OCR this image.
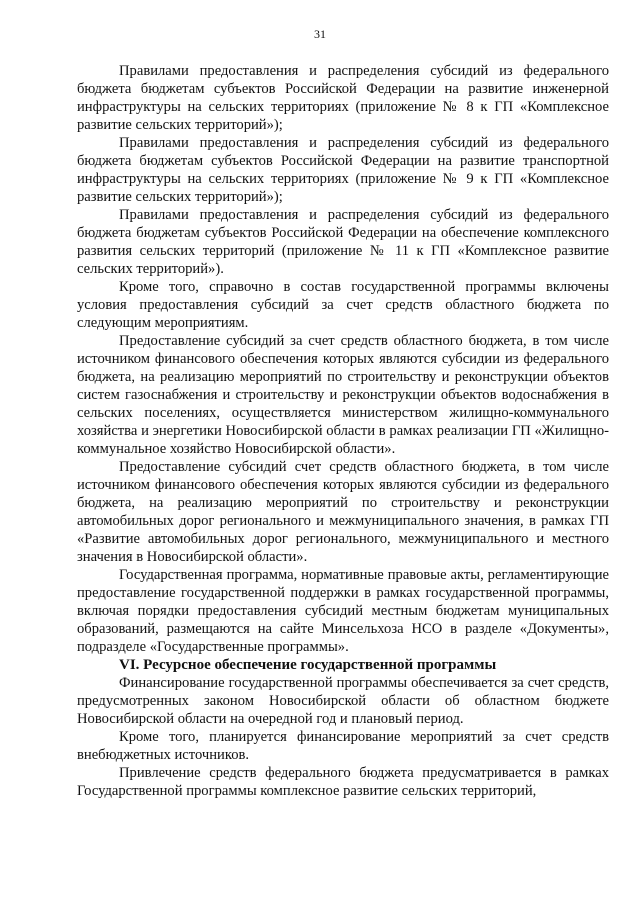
31

Правилами предоставления и распределения субсидий из федерального бюджета бюджетам субъектов Российской Федерации на развитие инженерной инфраструктуры на сельских территориях (приложение № 8 к ГП «Комплексное развитие сельских территорий»);

Правилами предоставления и распределения субсидий из федерального бюджета бюджетам субъектов Российской Федерации на развитие транспортной инфраструктуры на сельских территориях (приложение № 9 к ГП «Комплексное развитие сельских территорий»);

Правилами предоставления и распределения субсидий из федерального бюджета бюджетам субъектов Российской Федерации на обеспечение комплексного развития сельских территорий (приложение № 11 к ГП «Комплексное развитие сельских территорий»).

Кроме того, справочно в состав государственной программы включены условия предоставления субсидий за счет средств областного бюджета по следующим мероприятиям.

Предоставление субсидий за счет средств областного бюджета, в том числе источником финансового обеспечения которых являются субсидии из федерального бюджета, на реализацию мероприятий по строительству и реконструкции объектов систем газоснабжения и строительству и реконструкции объектов водоснабжения в сельских поселениях, осуществляется министерством жилищно-коммунального хозяйства и энергетики Новосибирской области в рамках реализации ГП «Жилищно-коммунальное хозяйство Новосибирской области».

Предоставление субсидий счет средств областного бюджета, в том числе источником финансового обеспечения которых являются субсидии из федерального бюджета, на реализацию мероприятий по строительству и реконструкции автомобильных дорог регионального и межмуниципального значения, в рамках ГП «Развитие автомобильных дорог регионального, межмуниципального и местного значения в Новосибирской области».

Государственная программа, нормативные правовые акты, регламентирующие предоставление государственной поддержки в рамках государственной программы, включая порядки предоставления субсидий местным бюджетам муниципальных образований, размещаются на сайте Минсельхоза НСО в разделе «Документы», подразделе «Государственные программы».

VI. Ресурсное обеспечение государственной программы

Финансирование государственной программы обеспечивается за счет средств, предусмотренных законом Новосибирской области об областном бюджете Новосибирской области на очередной год и плановый период.

Кроме того, планируется финансирование мероприятий за счет средств внебюджетных источников.

Привлечение средств федерального бюджета предусматривается в рамках Государственной программы комплексное развитие сельских территорий,
